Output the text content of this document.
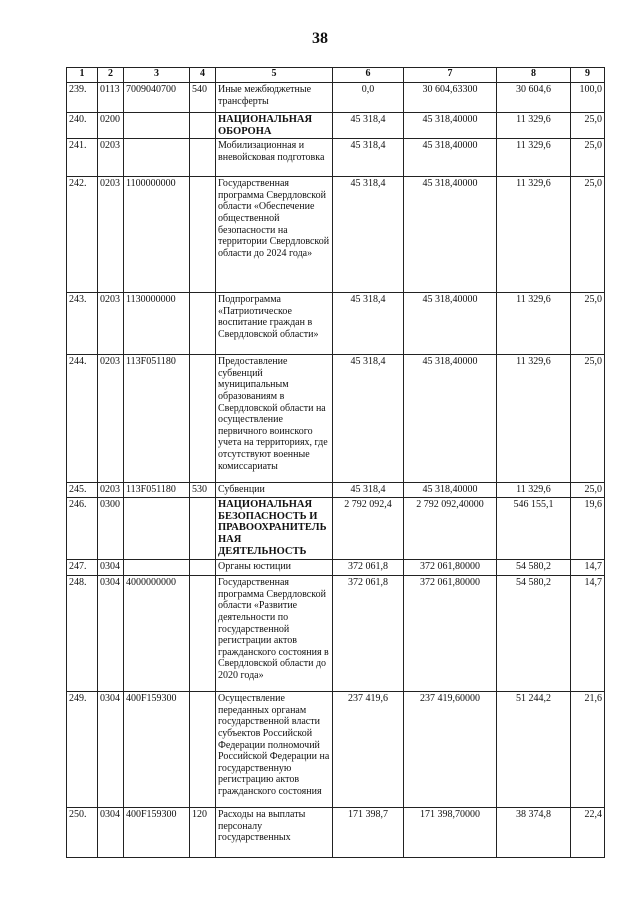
38
1	2	3	4	5	6	7	8	9
239.	0113	7009040700	540	Иные межбюджетные трансферты	0,0	30 604,63300	30 604,6	100,0
240.	0200			НАЦИОНАЛЬНАЯ ОБОРОНА	45 318,4	45 318,40000	11 329,6	25,0
241.	0203			Мобилизационная и вневойсковая подготовка	45 318,4	45 318,40000	11 329,6	25,0
242.	0203	1100000000		Государственная программа Свердловской области «Обеспечение общественной безопасности на территории Свердловской области до 2024 года»	45 318,4	45 318,40000	11 329,6	25,0
243.	0203	1130000000		Подпрограмма «Патриотическое воспитание граждан в Свердловской области»	45 318,4	45 318,40000	11 329,6	25,0
244.	0203	113F051180		Предоставление субвенций муниципальным образованиям в Свердловской области на осуществление первичного воинского учета на территориях, где отсутствуют военные комиссариаты	45 318,4	45 318,40000	11 329,6	25,0
245.	0203	113F051180	530	Субвенции	45 318,4	45 318,40000	11 329,6	25,0
246.	0300			НАЦИОНАЛЬНАЯ БЕЗОПАСНОСТЬ И ПРАВООХРАНИТЕЛЬНАЯ ДЕЯТЕЛЬНОСТЬ	2 792 092,4	2 792 092,40000	546 155,1	19,6
247.	0304			Органы юстиции	372 061,8	372 061,80000	54 580,2	14,7
248.	0304	4000000000		Государственная программа Свердловской области «Развитие деятельности по государственной регистрации актов гражданского состояния в Свердловской области до 2020 года»	372 061,8	372 061,80000	54 580,2	14,7
249.	0304	400F159300		Осуществление переданных органам государственной власти субъектов Российской Федерации полномочий Российской Федерации на государственную регистрацию актов гражданского состояния	237 419,6	237 419,60000	51 244,2	21,6
250.	0304	400F159300	120	Расходы на выплаты персоналу государственных	171 398,7	171 398,70000	38 374,8	22,4
